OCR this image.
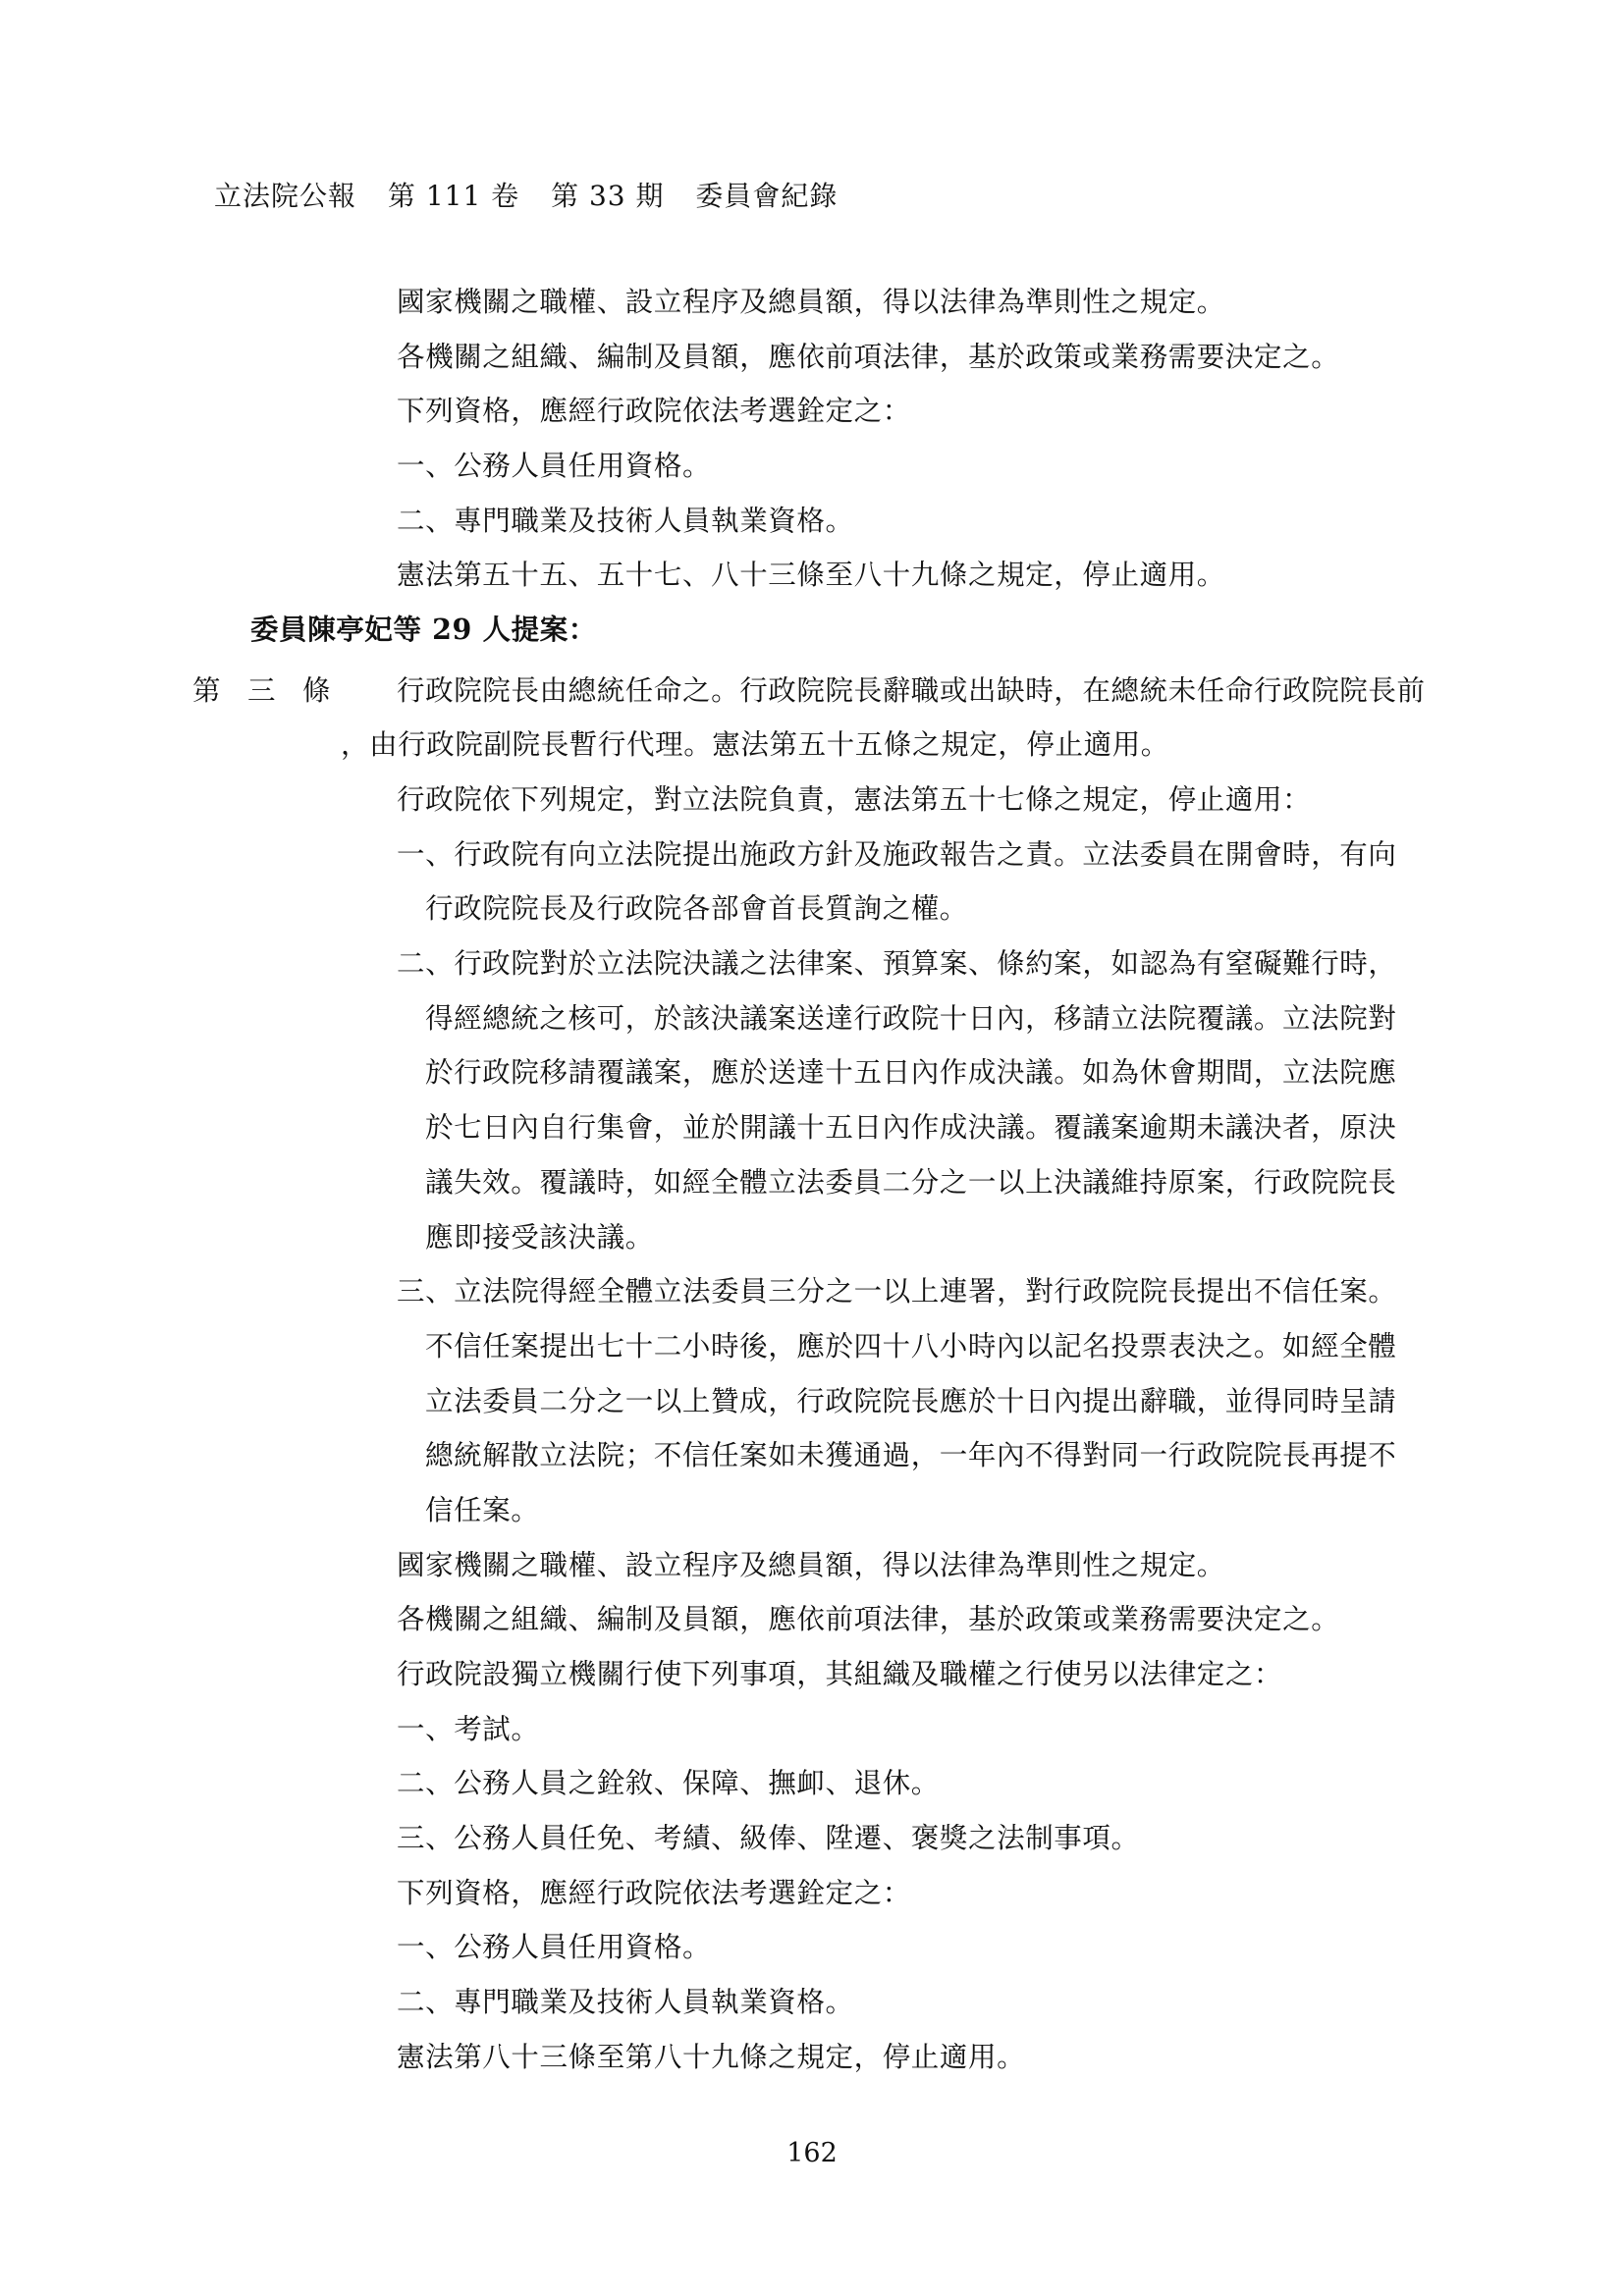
立法院公報 第 111 卷 第 33 期 委員會紀錄
國家機關之職權、設立程序及總員額，得以法律為準則性之規定。
各機關之組織、編制及員額，應依前項法律，基於政策或業務需要決定之。
下列資格，應經行政院依法考選銓定之：
一、公務人員任用資格。
二、專門職業及技術人員執業資格。
憲法第五十五、五十七、八十三條至八十九條之規定，停止適用。
委員陳亭妃等 29 人提案：
第 三 條	行政院院長由總統任命之。行政院院長辭職或出缺時，在總統未任命行政院院長前
，由行政院副院長暫行代理。憲法第五十五條之規定，停止適用。
行政院依下列規定，對立法院負責，憲法第五十七條之規定，停止適用：
一、行政院有向立法院提出施政方針及施政報告之責。立法委員在開會時，有向
行政院院長及行政院各部會首長質詢之權。
二、行政院對於立法院決議之法律案、預算案、條約案，如認為有窒礙難行時，
得經總統之核可，於該決議案送達行政院十日內，移請立法院覆議。立法院對
於行政院移請覆議案，應於送達十五日內作成決議。如為休會期間，立法院應
於七日內自行集會，並於開議十五日內作成決議。覆議案逾期未議決者，原決
議失效。覆議時，如經全體立法委員二分之一以上決議維持原案，行政院院長
應即接受該決議。
三、立法院得經全體立法委員三分之一以上連署，對行政院院長提出不信任案。
不信任案提出七十二小時後，應於四十八小時內以記名投票表決之。如經全體
立法委員二分之一以上贊成，行政院院長應於十日內提出辭職，並得同時呈請
總統解散立法院；不信任案如未獲通過，一年內不得對同一行政院院長再提不
信任案。
國家機關之職權、設立程序及總員額，得以法律為準則性之規定。
各機關之組織、編制及員額，應依前項法律，基於政策或業務需要決定之。
行政院設獨立機關行使下列事項，其組織及職權之行使另以法律定之：
一、考試。
二、公務人員之銓敘、保障、撫卹、退休。
三、公務人員任免、考績、級俸、陞遷、褒獎之法制事項。
下列資格，應經行政院依法考選銓定之：
一、公務人員任用資格。
二、專門職業及技術人員執業資格。
憲法第八十三條至第八十九條之規定，停止適用。
162
